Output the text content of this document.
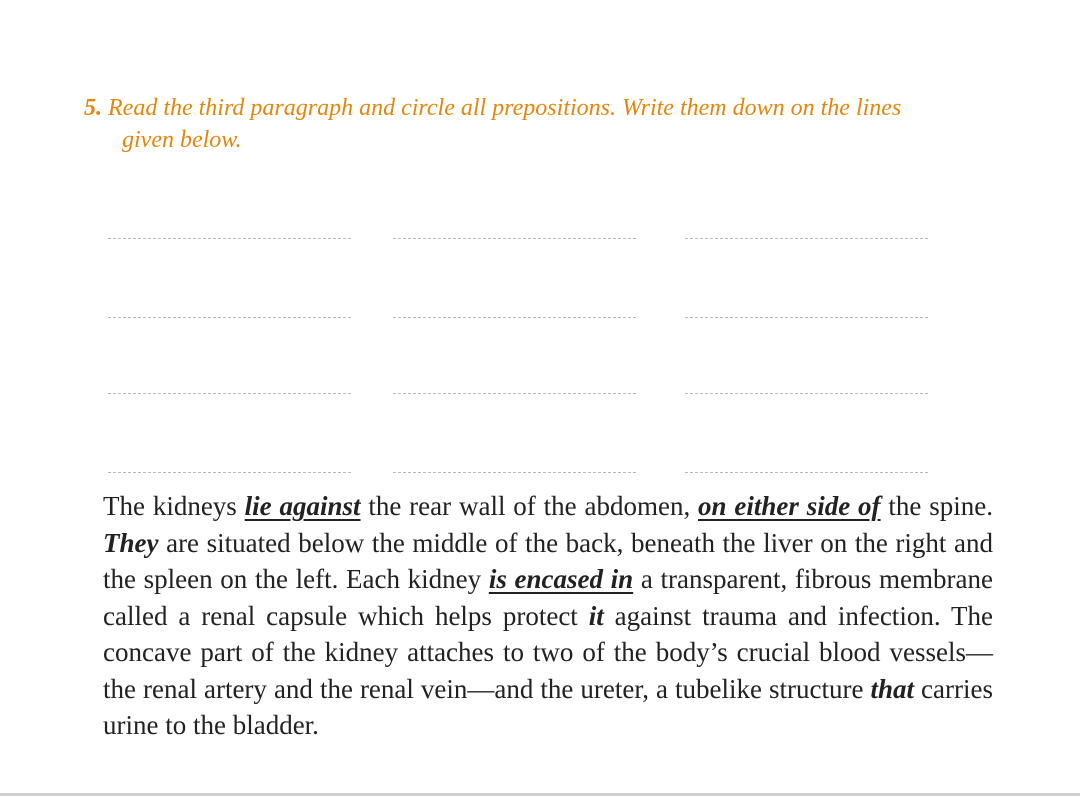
5. Read the third paragraph and circle all prepositions. Write them down on the lines
given below.

The kidneys lie against the rear wall of the abdomen, on either side of the spine. They are situated below the middle of the back, beneath the liver on the right and the spleen on the left. Each kidney is encased in a transparent, fibrous membrane called a renal capsule which helps protect it against trauma and infection. The concave part of the kidney attaches to two of the body’s crucial blood vessels—the renal artery and the renal vein—and the ureter, a tubelike structure that carries urine to the bladder.
